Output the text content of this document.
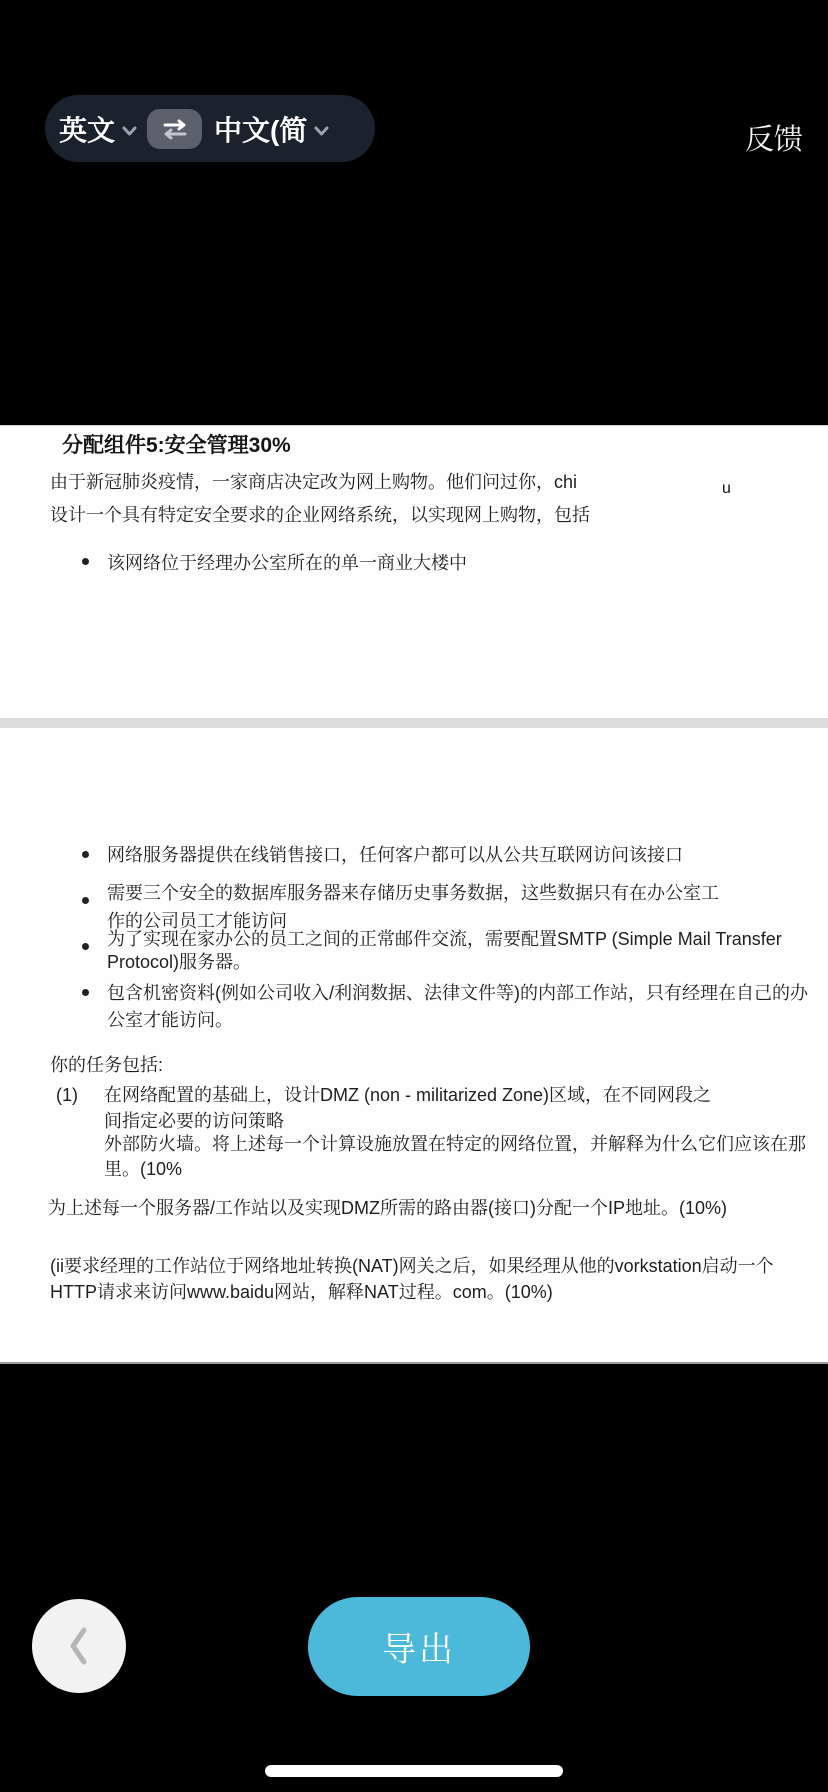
英文	中文(简	反馈
分配组件5:安全管理30%
由于新冠肺炎疫情，一家商店决定改为网上购物。他们问过你，chi	u
设计一个具有特定安全要求的企业网络系统，以实现网上购物，包括
该网络位于经理办公室所在的单一商业大楼中
网络服务器提供在线销售接口，任何客户都可以从公共互联网访问该接口
需要三个安全的数据库服务器来存储历史事务数据，这些数据只有在办公室工
作的公司员工才能访问
为了实现在家办公的员工之间的正常邮件交流，需要配置SMTP (Simple Mail Transfer
Protocol)服务器。
包含机密资料(例如公司收入/利润数据、法律文件等)的内部工作站，只有经理在自己的办
公室才能访问。
你的任务包括:
(1) 在网络配置的基础上，设计DMZ (non - militarized Zone)区域，在不同网段之
间指定必要的访问策略
外部防火墙。将上述每一个计算设施放置在特定的网络位置，并解释为什么它们应该在那
里。(10%
为上述每一个服务器/工作站以及实现DMZ所需的路由器(接口)分配一个IP地址。(10%)
(ii要求经理的工作站位于网络地址转换(NAT)网关之后，如果经理从他的vorkstation启动一个
HTTP请求来访问www.baidu网站，解释NAT过程。com。(10%)
导出
